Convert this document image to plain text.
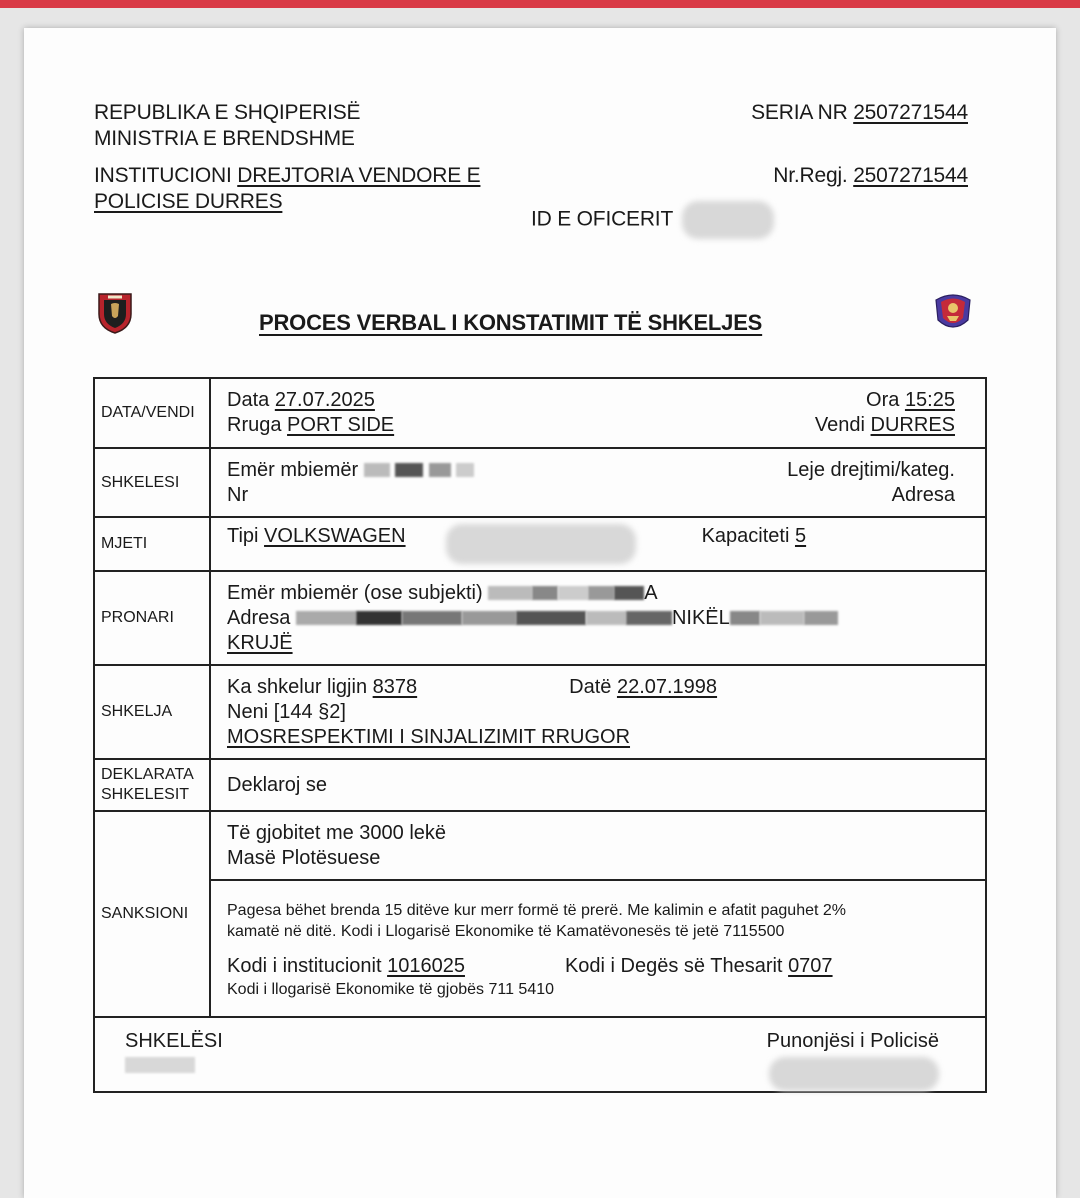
REPUBLIKA E SHQIPERISË
MINISTRIA E BRENDSHME
INSTITUCIONI DREJTORIA VENDORE E
POLICISE DURRES
SERIA NR 2507271544
Nr.Regj. 2507271544
ID E OFICERIT
PROCES VERBAL I KONSTATIMIT TË SHKELJES
DATA/VENDI	Data 27.07.2025 Ora 15:25
Rruga PORT SIDE Vendi DURRES

SHKELESI	Emër mbiemër Leje drejtimi/kateg.
Nr Adresa

MJETI	Tipi VOLKSWAGEN Kapaciteti 5

PRONARI	Emër mbiemër (ose subjekti) A
Adresa NIKËL
KRUJË

SHKELJA	Ka shkelur ligjin 8378 Datë 22.07.1998
Neni [144 §2]
MOSRESPEKTIMI I SINJALIZIMIT RRUGOR

DEKLARATA
SHKELESIT	Deklaroj se
SANKSIONI	Të gjobitet me 3000 lekë
Masë Plotësuese

	Pagesa bëhet brenda 15 ditëve kur merr formë të prerë. Me kalimin e afatit paguhet 2% kamatë në ditë. Kodi i Llogarisë Ekonomike të Kamatëvonesës të jetë 7115500
Kodi i institucionit 1016025 Kodi i Degës së Thesarit 0707
Kodi i llogarisë Ekonomike të gjobës 711 5410

SHKELËSI Punonjësi i Policisë	
